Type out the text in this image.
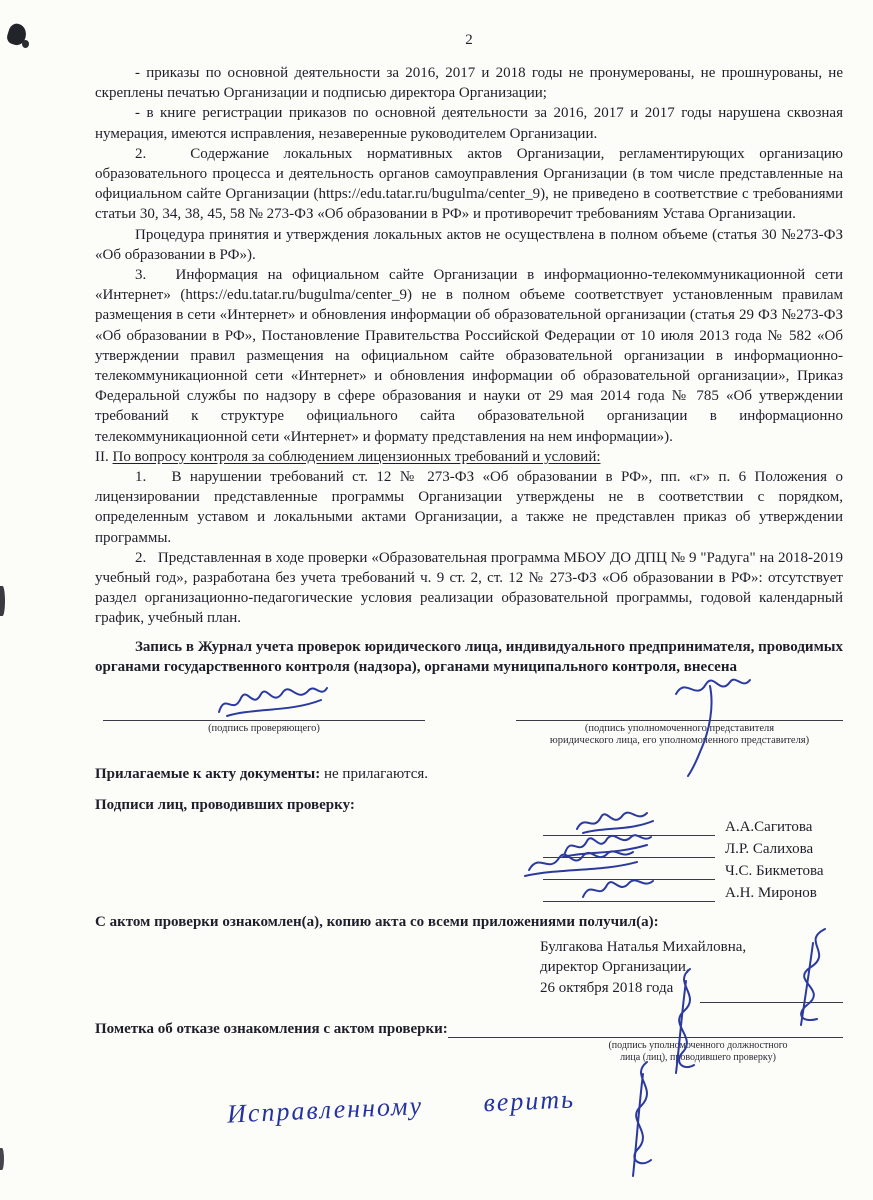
2

- приказы по основной деятельности за 2016, 2017 и 2018 годы не пронумерованы, не прошнурованы, не скреплены печатью Организации и подписью директора Организации;

- в книге регистрации приказов по основной деятельности за 2016, 2017 и 2017 годы нарушена сквозная нумерация, имеются исправления, незаверенные руководителем Организации.

2.   Содержание локальных нормативных актов Организации, регламентирующих организацию образовательного процесса и деятельность органов самоуправления Организации (в том числе представленные на официальном сайте Организации (https://edu.tatar.ru/bugulma/center_9), не приведено в соответствие с требованиями статьи 30, 34, 38, 45, 58 № 273-ФЗ «Об образовании в РФ» и противоречит требованиям Устава Организации.

Процедура принятия и утверждения локальных актов не осуществлена в полном объеме (статья 30 №273-ФЗ «Об образовании в РФ»).

3.   Информация на официальном сайте Организации в информационно-телекоммуникационной сети «Интернет» (https://edu.tatar.ru/bugulma/center_9) не в полном объеме соответствует установленным правилам размещения в сети «Интернет» и обновления информации об образовательной организации (статья 29 ФЗ №273-ФЗ «Об образовании в РФ», Постановление Правительства Российской Федерации от 10 июля 2013 года № 582 «Об утверждении правил размещения на официальном сайте образовательной организации в информационно-телекоммуникационной сети «Интернет» и обновления информации об образовательной организации», Приказ Федеральной службы по надзору в сфере образования и науки от 29 мая 2014 года № 785 «Об утверждении требований к структуре официального сайта образовательной организации в информационно телекоммуникационной сети «Интернет» и формату представления на нем информации»).

II. По вопросу контроля за соблюдением лицензионных требований и условий:

1.   В нарушении требований ст. 12 № 273-ФЗ «Об образовании в РФ», пп. «г» п. 6 Положения о лицензировании представленные программы Организации утверждены не в соответствии с порядком, определенным уставом и локальными актами Организации, а также не представлен приказ об утверждении программы.

2.   Представленная в ходе проверки «Образовательная программа МБОУ ДО ДПЦ № 9 "Радуга" на 2018-2019 учебный год», разработана без учета требований ч. 9 ст. 2, ст. 12 № 273-ФЗ «Об образовании в РФ»: отсутствует раздел организационно-педагогические условия реализации образовательной программы, годовой календарный график, учебный план.

Запись в Журнал учета проверок юридического лица, индивидуального предпринимателя, проводимых органами государственного контроля (надзора), органами муниципального контроля, внесена

(подпись проверяющего)	(подпись уполномоченного представителя
юридического лица, его уполномоченного представителя)
Прилагаемые к акту документы: не прилагаются.
Подписи лиц, проводивших проверку:
А.А.Сагитова
Л.Р. Салихова
Ч.С. Бикметова
А.Н. Миронов
С актом проверки ознакомлен(а), копию акта со всеми приложениями получил(а):
Булгакова Наталья Михайловна,
директор Организации,
26 октября 2018 года
Пометка об отказе ознакомления с актом проверки:
(подпись уполномоченного должностного
лица (лиц), проводившего проверку)
Исправленному верить
